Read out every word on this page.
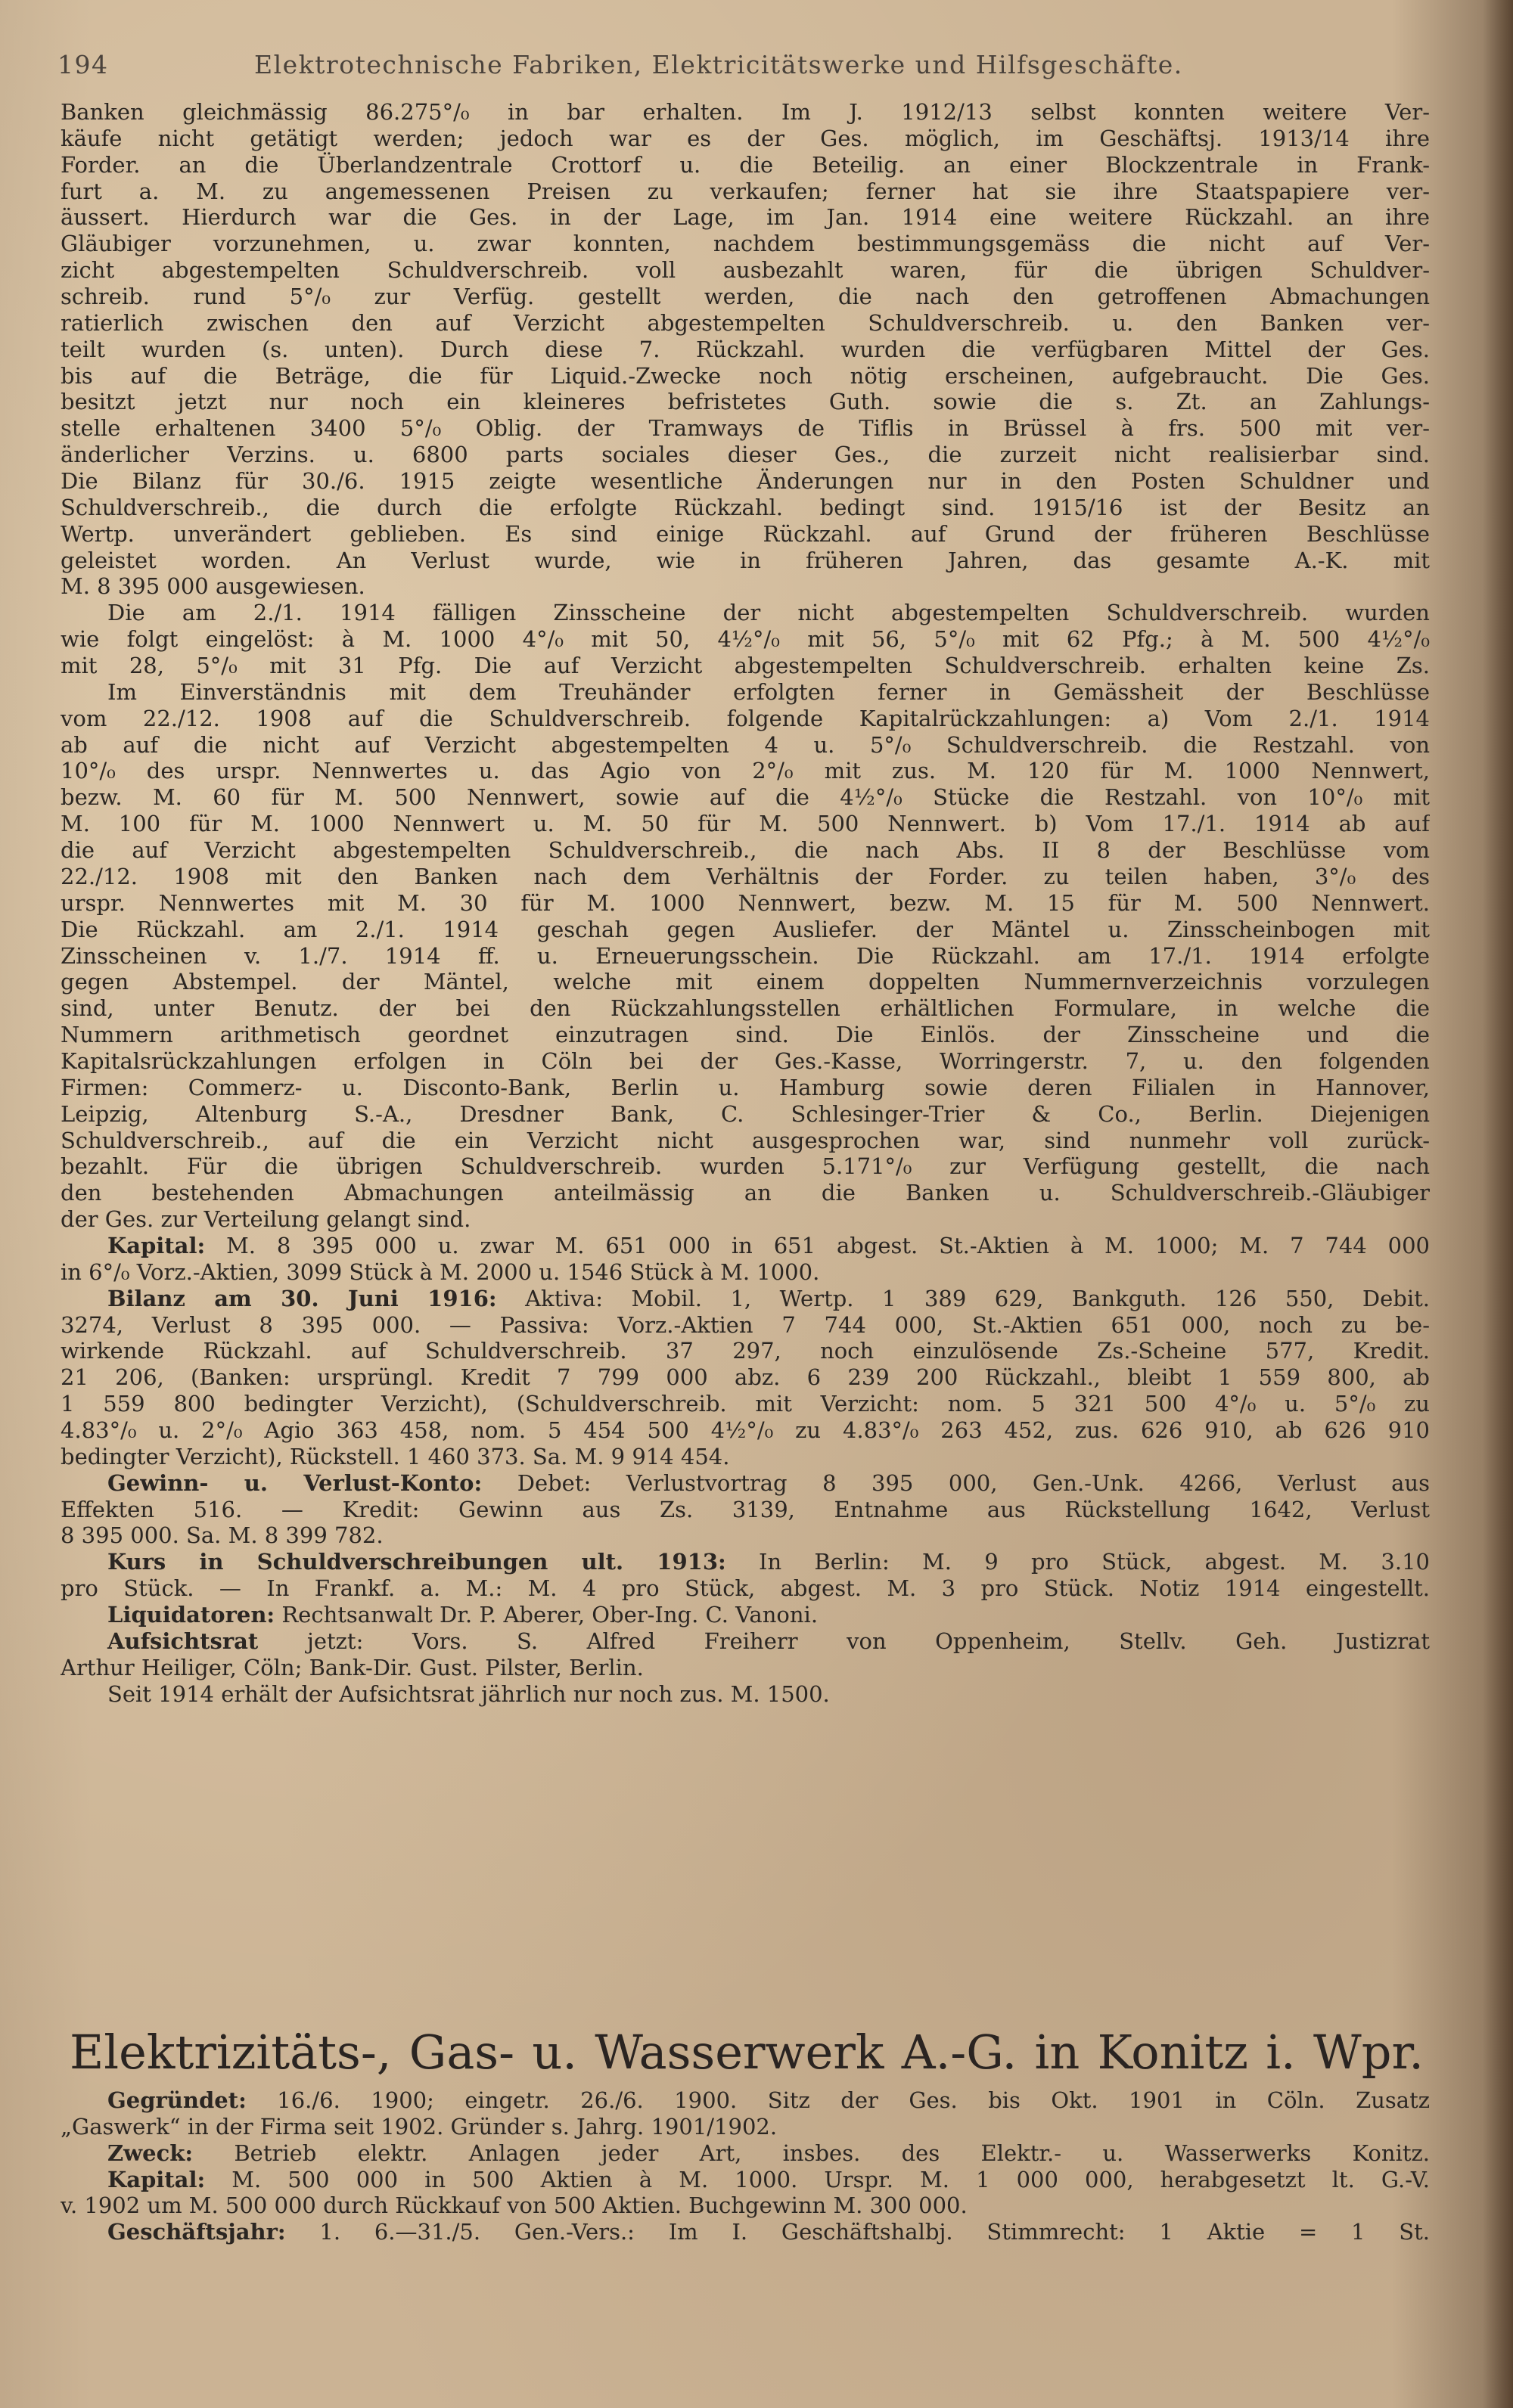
194	Elektrotechnische Fabriken, Elektricitätswerke und Hilfsgeschäfte.
Banken gleichmässig 86.275°/₀ in bar erhalten. Im J. 1912/13 selbst konnten weitere Ver-
käufe nicht getätigt werden; jedoch war es der Ges. möglich, im Geschäftsj. 1913/14 ihre
Forder. an die Überlandzentrale Crottorf u. die Beteilig. an einer Blockzentrale in Frank-
furt a. M. zu angemessenen Preisen zu verkaufen; ferner hat sie ihre Staatspapiere ver-
äussert. Hierdurch war die Ges. in der Lage, im Jan. 1914 eine weitere Rückzahl. an ihre
Gläubiger vorzunehmen, u. zwar konnten, nachdem bestimmungsgemäss die nicht auf Ver-
zicht abgestempelten Schuldverschreib. voll ausbezahlt waren, für die übrigen Schuldver-
schreib. rund 5°/₀ zur Verfüg. gestellt werden, die nach den getroffenen Abmachungen
ratierlich zwischen den auf Verzicht abgestempelten Schuldverschreib. u. den Banken ver-
teilt wurden (s. unten). Durch diese 7. Rückzahl. wurden die verfügbaren Mittel der Ges.
bis auf die Beträge, die für Liquid.-Zwecke noch nötig erscheinen, aufgebraucht. Die Ges.
besitzt jetzt nur noch ein kleineres befristetes Guth. sowie die s. Zt. an Zahlungs-
stelle erhaltenen 3400 5°/₀ Oblig. der Tramways de Tiflis in Brüssel à frs. 500 mit ver-
änderlicher Verzins. u. 6800 parts sociales dieser Ges., die zurzeit nicht realisierbar sind.
Die Bilanz für 30./6. 1915 zeigte wesentliche Änderungen nur in den Posten Schuldner und
Schuldverschreib., die durch die erfolgte Rückzahl. bedingt sind. 1915/16 ist der Besitz an
Wertp. unverändert geblieben. Es sind einige Rückzahl. auf Grund der früheren Beschlüsse
geleistet worden. An Verlust wurde, wie in früheren Jahren, das gesamte A.-K. mit
M. 8 395 000 ausgewiesen.
Die am 2./1. 1914 fälligen Zinsscheine der nicht abgestempelten Schuldverschreib. wurden
wie folgt eingelöst: à M. 1000 4°/₀ mit 50, 4½°/₀ mit 56, 5°/₀ mit 62 Pfg.; à M. 500 4½°/₀
mit 28, 5°/₀ mit 31 Pfg. Die auf Verzicht abgestempelten Schuldverschreib. erhalten keine Zs.
Im Einverständnis mit dem Treuhänder erfolgten ferner in Gemässheit der Beschlüsse
vom 22./12. 1908 auf die Schuldverschreib. folgende Kapitalrückzahlungen: a) Vom 2./1. 1914
ab auf die nicht auf Verzicht abgestempelten 4 u. 5°/₀ Schuldverschreib. die Restzahl. von
10°/₀ des urspr. Nennwertes u. das Agio von 2°/₀ mit zus. M. 120 für M. 1000 Nennwert,
bezw. M. 60 für M. 500 Nennwert, sowie auf die 4½°/₀ Stücke die Restzahl. von 10°/₀ mit
M. 100 für M. 1000 Nennwert u. M. 50 für M. 500 Nennwert. b) Vom 17./1. 1914 ab auf
die auf Verzicht abgestempelten Schuldverschreib., die nach Abs. II 8 der Beschlüsse vom
22./12. 1908 mit den Banken nach dem Verhältnis der Forder. zu teilen haben, 3°/₀ des
urspr. Nennwertes mit M. 30 für M. 1000 Nennwert, bezw. M. 15 für M. 500 Nennwert.
Die Rückzahl. am 2./1. 1914 geschah gegen Ausliefer. der Mäntel u. Zinsscheinbogen mit
Zinsscheinen v. 1./7. 1914 ff. u. Erneuerungsschein. Die Rückzahl. am 17./1. 1914 erfolgte
gegen Abstempel. der Mäntel, welche mit einem doppelten Nummernverzeichnis vorzulegen
sind, unter Benutz. der bei den Rückzahlungsstellen erhältlichen Formulare, in welche die
Nummern arithmetisch geordnet einzutragen sind. Die Einlös. der Zinsscheine und die
Kapitalsrückzahlungen erfolgen in Cöln bei der Ges.-Kasse, Worringerstr. 7, u. den folgenden
Firmen: Commerz- u. Disconto-Bank, Berlin u. Hamburg sowie deren Filialen in Hannover,
Leipzig, Altenburg S.-A., Dresdner Bank, C. Schlesinger-Trier & Co., Berlin. Diejenigen
Schuldverschreib., auf die ein Verzicht nicht ausgesprochen war, sind nunmehr voll zurück-
bezahlt. Für die übrigen Schuldverschreib. wurden 5.171°/₀ zur Verfügung gestellt, die nach
den bestehenden Abmachungen anteilmässig an die Banken u. Schuldverschreib.-Gläubiger
der Ges. zur Verteilung gelangt sind.
Kapital: M. 8 395 000 u. zwar M. 651 000 in 651 abgest. St.-Aktien à M. 1000; M. 7 744 000
in 6°/₀ Vorz.-Aktien, 3099 Stück à M. 2000 u. 1546 Stück à M. 1000.
Bilanz am 30. Juni 1916: Aktiva: Mobil. 1, Wertp. 1 389 629, Bankguth. 126 550, Debit.
3274, Verlust 8 395 000. — Passiva: Vorz.-Aktien 7 744 000, St.-Aktien 651 000, noch zu be-
wirkende Rückzahl. auf Schuldverschreib. 37 297, noch einzulösende Zs.-Scheine 577, Kredit.
21 206, (Banken: ursprüngl. Kredit 7 799 000 abz. 6 239 200 Rückzahl., bleibt 1 559 800, ab
1 559 800 bedingter Verzicht), (Schuldverschreib. mit Verzicht: nom. 5 321 500 4°/₀ u. 5°/₀ zu
4.83°/₀ u. 2°/₀ Agio 363 458, nom. 5 454 500 4½°/₀ zu 4.83°/₀ 263 452, zus. 626 910, ab 626 910
bedingter Verzicht), Rückstell. 1 460 373. Sa. M. 9 914 454.
Gewinn- u. Verlust-Konto: Debet: Verlustvortrag 8 395 000, Gen.-Unk. 4266, Verlust aus
Effekten 516. — Kredit: Gewinn aus Zs. 3139, Entnahme aus Rückstellung 1642, Verlust
8 395 000. Sa. M. 8 399 782.
Kurs in Schuldverschreibungen ult. 1913: In Berlin: M. 9 pro Stück, abgest. M. 3.10
pro Stück. — In Frankf. a. M.: M. 4 pro Stück, abgest. M. 3 pro Stück. Notiz 1914 eingestellt.
Liquidatoren: Rechtsanwalt Dr. P. Aberer, Ober-Ing. C. Vanoni.
Aufsichtsrat jetzt: Vors. S. Alfred Freiherr von Oppenheim, Stellv. Geh. Justizrat
Arthur Heiliger, Cöln; Bank-Dir. Gust. Pilster, Berlin.
Seit 1914 erhält der Aufsichtsrat jährlich nur noch zus. M. 1500.
Elektrizitäts-, Gas- u. Wasserwerk A.-G. in Konitz i. Wpr.
Gegründet: 16./6. 1900; eingetr. 26./6. 1900. Sitz der Ges. bis Okt. 1901 in Cöln. Zusatz
„Gaswerk“ in der Firma seit 1902. Gründer s. Jahrg. 1901/1902.
Zweck: Betrieb elektr. Anlagen jeder Art, insbes. des Elektr.- u. Wasserwerks Konitz.
Kapital: M. 500 000 in 500 Aktien à M. 1000. Urspr. M. 1 000 000, herabgesetzt lt. G.-V.
v. 1902 um M. 500 000 durch Rückkauf von 500 Aktien. Buchgewinn M. 300 000.
Geschäftsjahr: 1. 6.—31./5. Gen.-Vers.: Im I. Geschäftshalbj. Stimmrecht: 1 Aktie = 1 St.
